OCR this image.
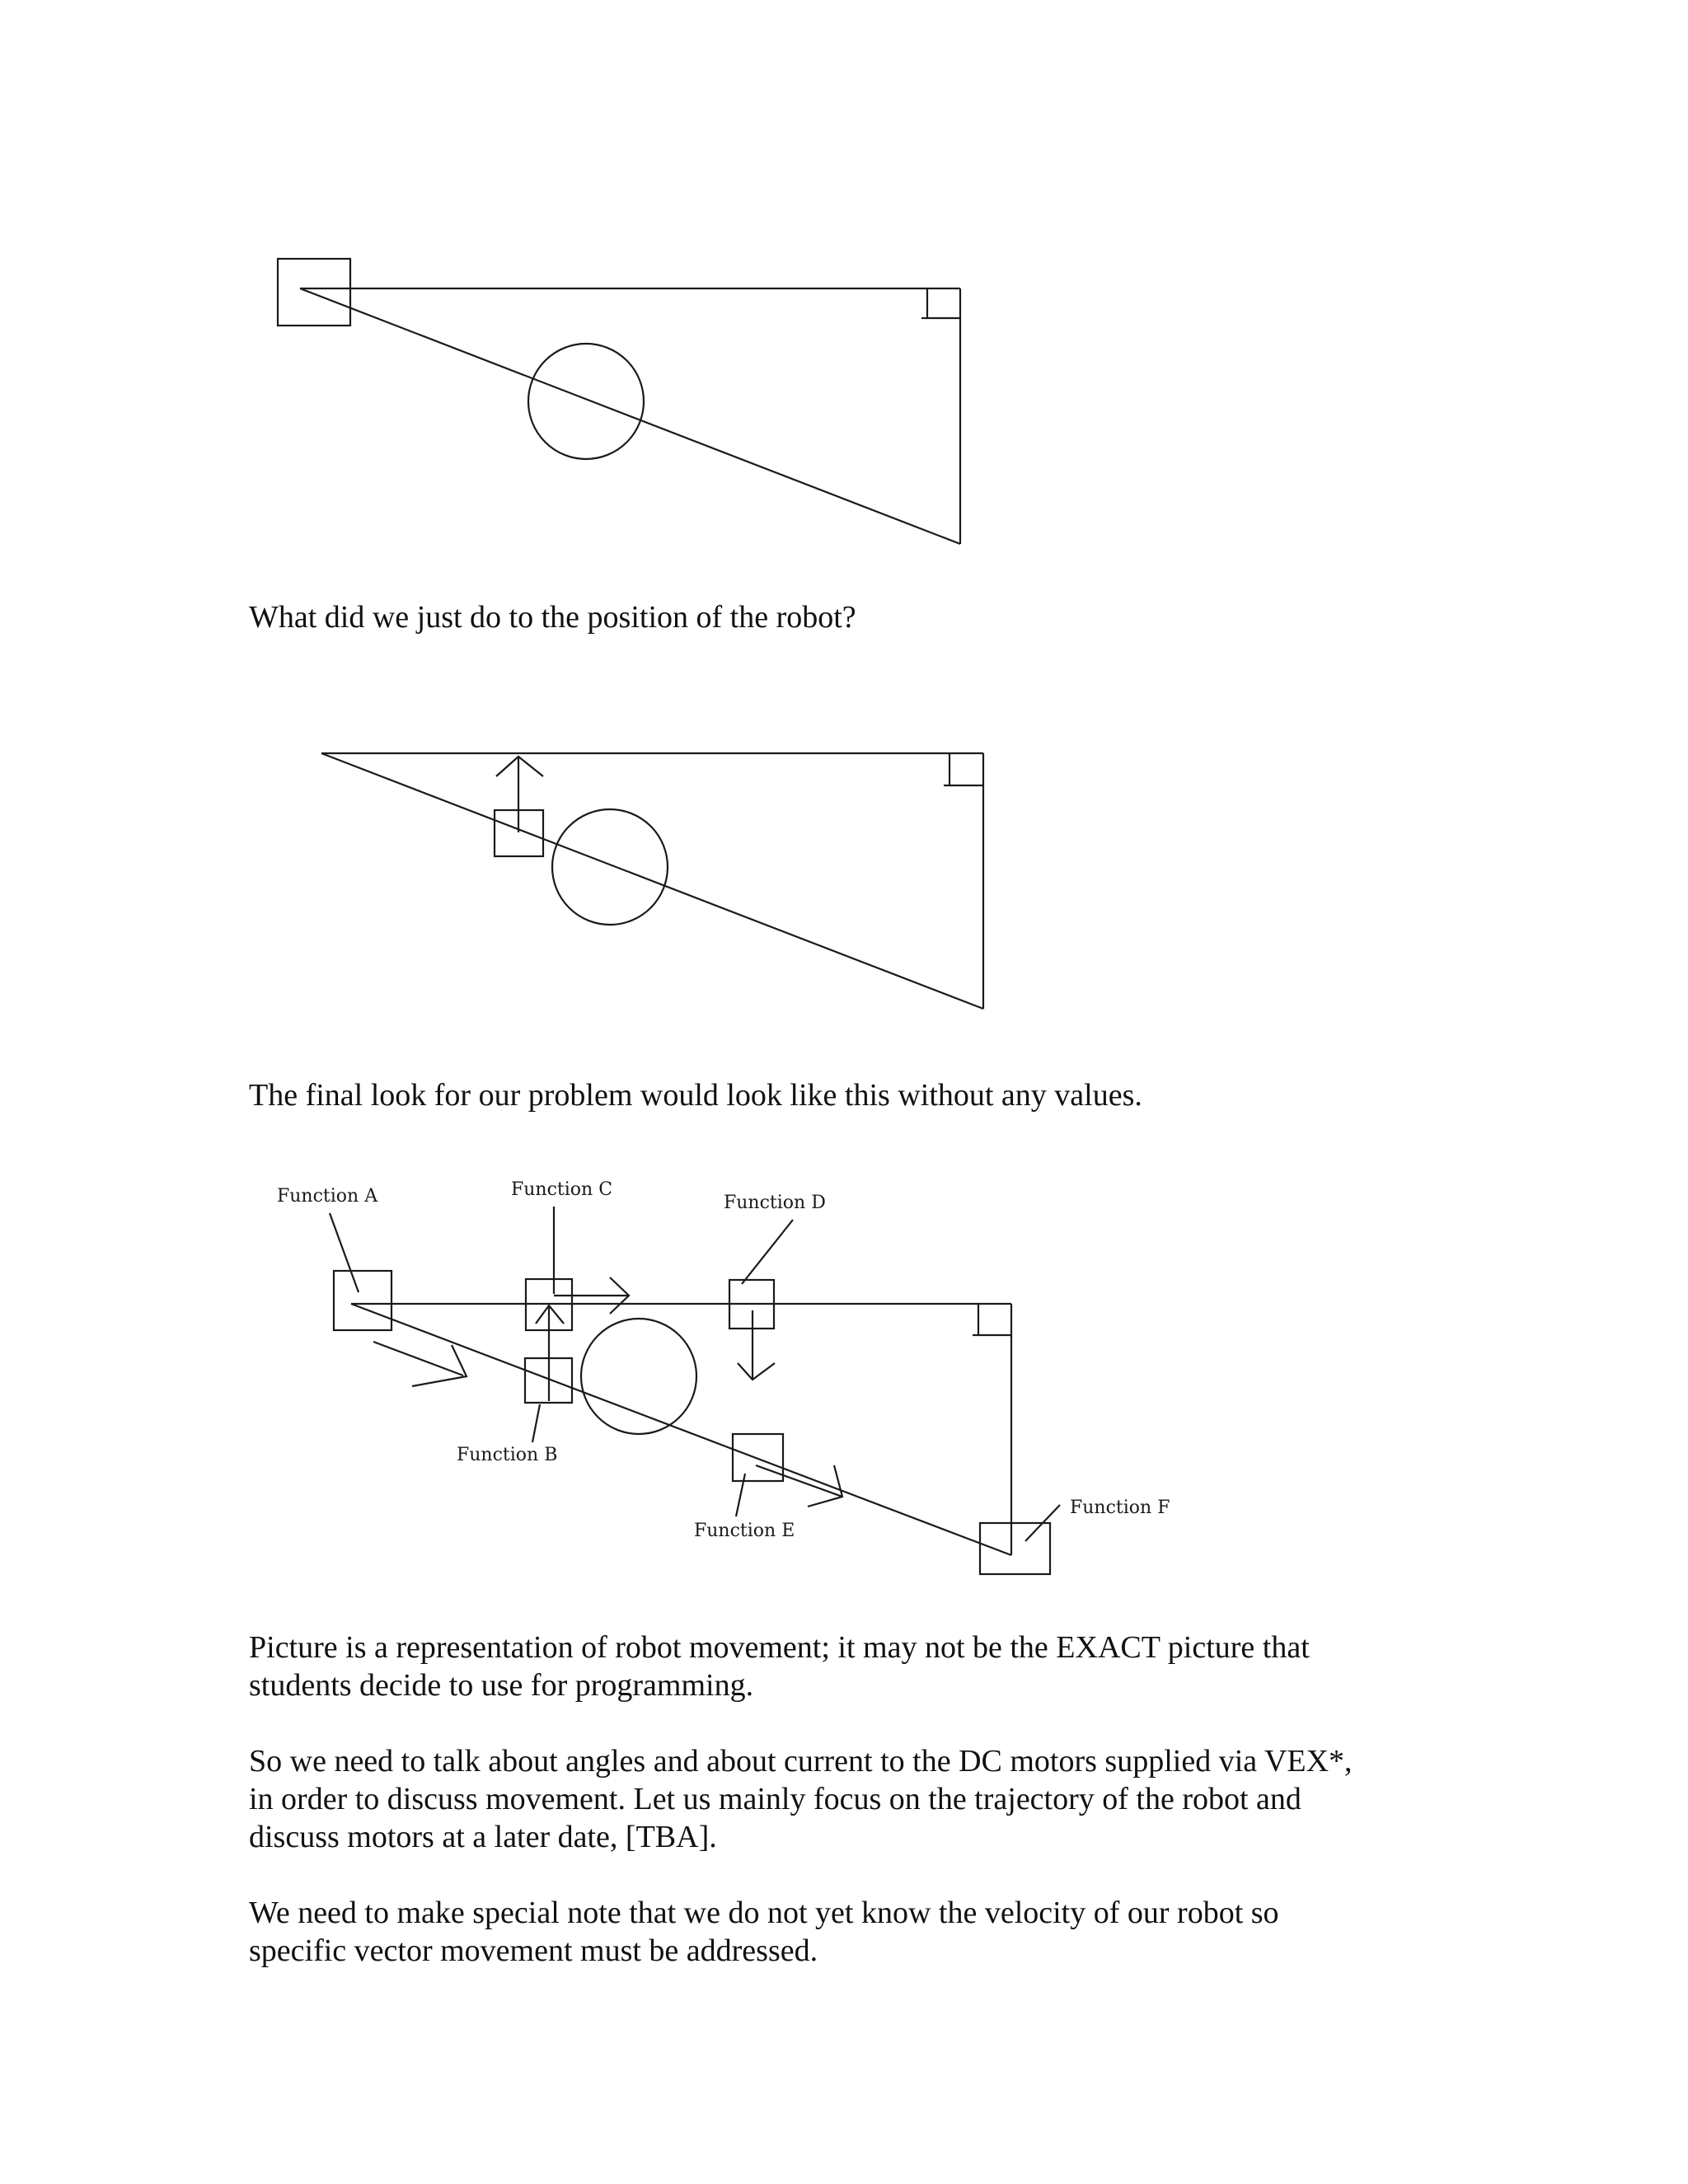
What did we just do to the position of the robot?

The final look for our problem would look like this without any values.

Function A	Function C
Function B
Function D
Function E
Function F

Picture is a representation of robot movement; it may not be the EXACT picture that
students decide to use for programming.

So we need to talk about angles and about current to the DC motors supplied via VEX*,
in order to discuss movement. Let us mainly focus on the trajectory of the robot and
discuss motors at a later date, [TBA].

We need to make special note that we do not yet know the velocity of our robot so
specific vector movement must be addressed.
